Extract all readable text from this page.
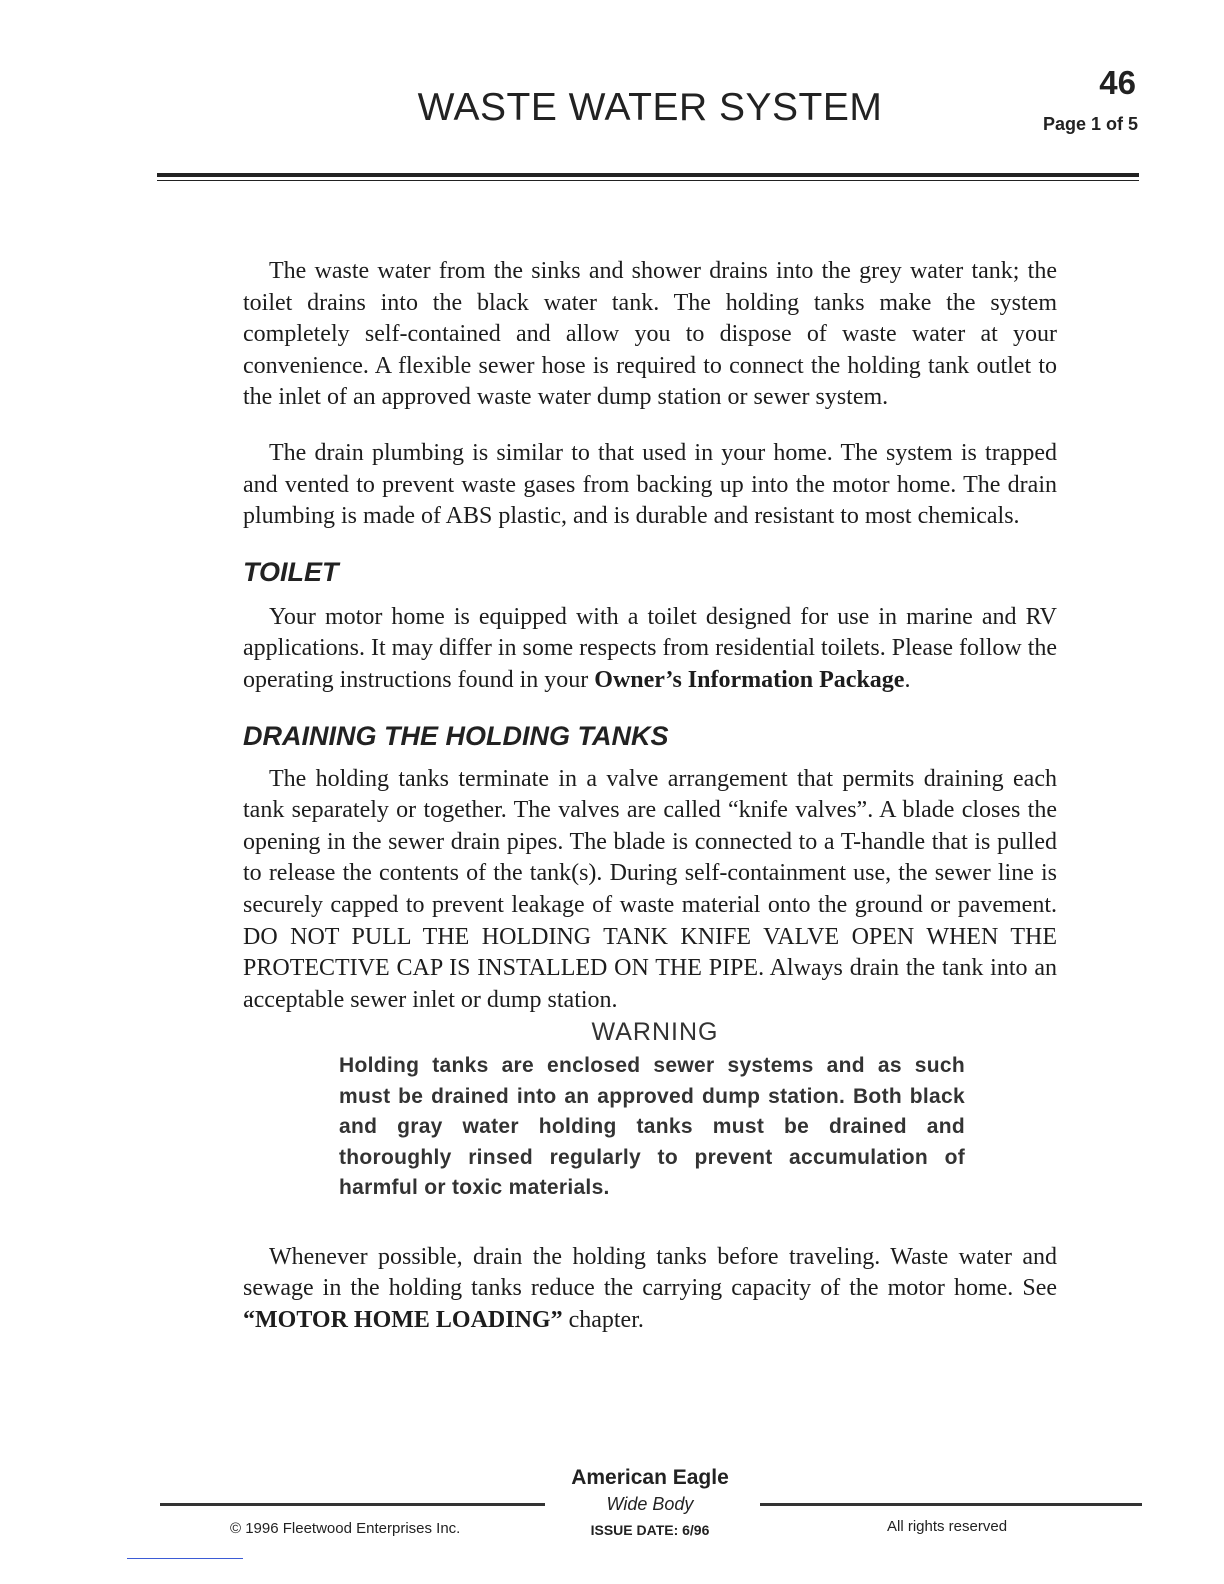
WASTE WATER SYSTEM
46
Page 1 of 5

The waste water from the sinks and shower drains into the grey water tank; the toilet drains into the black water tank. The holding tanks make the system completely self-contained and allow you to dispose of waste water at your convenience. A flexible sewer hose is required to connect the holding tank outlet to the inlet of an approved waste water dump station or sewer system.

The drain plumbing is similar to that used in your home. The system is trapped and vented to prevent waste gases from backing up into the motor home. The drain plumbing is made of ABS plastic, and is durable and resistant to most chemicals.

TOILET

Your motor home is equipped with a toilet designed for use in marine and RV applications. It may differ in some respects from residential toilets. Please follow the operating instructions found in your Owner’s Information Package.

DRAINING THE HOLDING TANKS

The holding tanks terminate in a valve arrangement that permits draining each tank separately or together. The valves are called “knife valves”. A blade closes the opening in the sewer drain pipes. The blade is connected to a T-handle that is pulled to release the contents of the tank(s). During self-containment use, the sewer line is securely capped to prevent leakage of waste material onto the ground or pavement. DO NOT PULL THE HOLDING TANK KNIFE VALVE OPEN WHEN THE PROTECTIVE CAP IS INSTALLED ON THE PIPE. Always drain the tank into an acceptable sewer inlet or dump station.

WARNING
Holding tanks are enclosed sewer systems and as such must be drained into an approved dump station. Both black and gray water holding tanks must be drained and thoroughly rinsed regularly to prevent accumulation of harmful or toxic materials.

Whenever possible, drain the holding tanks before traveling. Waste water and sewage in the holding tanks reduce the carrying capacity of the motor home. See “MOTOR HOME LOADING” chapter.

American Eagle
Wide Body
© 1996 Fleetwood Enterprises Inc.	ISSUE DATE: 6/96	All rights reserved
